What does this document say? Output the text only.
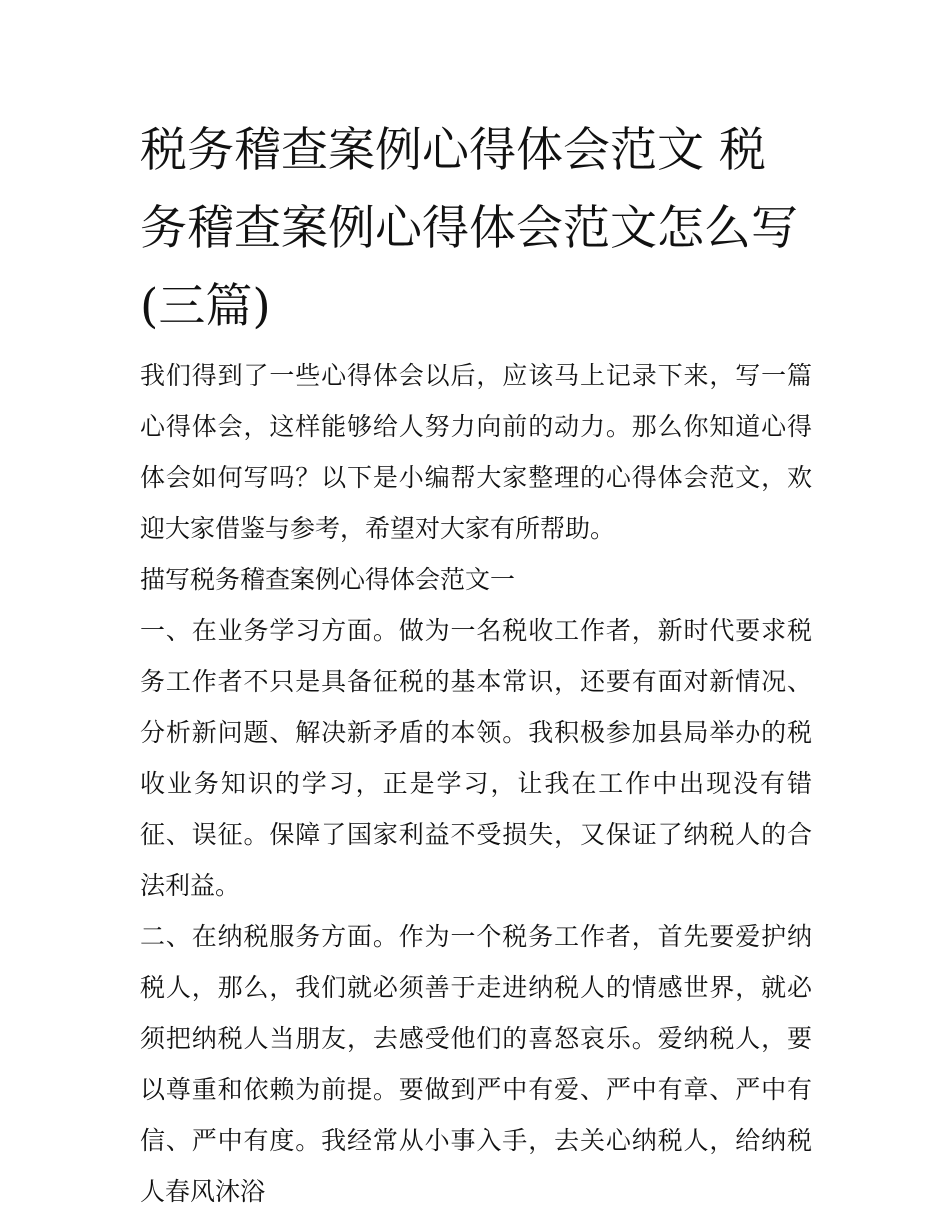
税务稽查案例心得体会范文 税务稽查案例心得体会范文怎么写(三篇)

我们得到了一些心得体会以后，应该马上记录下来，写一篇心得体会，这样能够给人努力向前的动力。那么你知道心得体会如何写吗？以下是小编帮大家整理的心得体会范文，欢迎大家借鉴与参考，希望对大家有所帮助。

描写税务稽查案例心得体会范文一

一、在业务学习方面。做为一名税收工作者，新时代要求税务工作者不只是具备征税的基本常识，还要有面对新情况、分析新问题、解决新矛盾的本领。我积极参加县局举办的税收业务知识的学习，正是学习，让我在工作中出现没有错征、误征。保障了国家利益不受损失，又保证了纳税人的合法利益。

二、在纳税服务方面。作为一个税务工作者，首先要爱护纳税人，那么，我们就必须善于走进纳税人的情感世界，就必须把纳税人当朋友，去感受他们的喜怒哀乐。爱纳税人，要以尊重和依赖为前提。要做到严中有爱、严中有章、严中有信、严中有度。我经常从小事入手，去关心纳税人，给纳税人春风沐浴
